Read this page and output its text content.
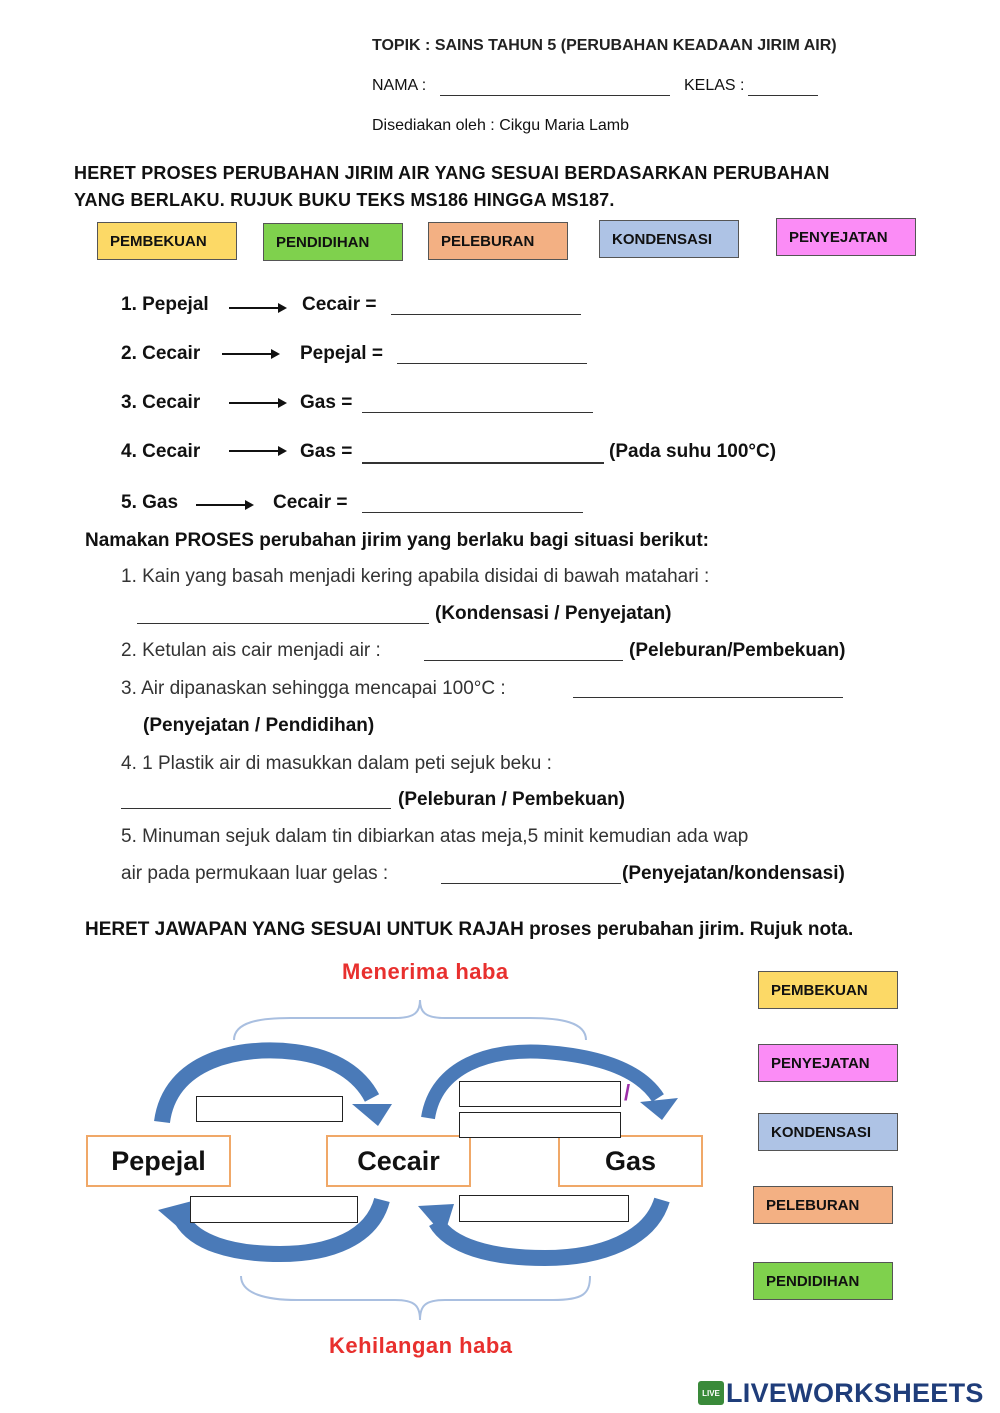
TOPIK : SAINS TAHUN 5 (PERUBAHAN KEADAAN JIRIM AIR)
NAMA :	KELAS :
Disediakan oleh : Cikgu Maria Lamb
HERET PROSES PERUBAHAN JIRIM AIR YANG SESUAI BERDASARKAN PERUBAHAN
YANG BERLAKU. RUJUK BUKU TEKS MS186 HINGGA MS187.
PEMBEKUAN	PENDIDIHAN	PELEBURAN	KONDENSASI	PENYEJATAN
1. Pepejal	Cecair =
2. Cecair	Pepejal =
3. Cecair	Gas =
4. Cecair	Gas =	(Pada suhu 100°C)
5. Gas	Cecair =
Namakan PROSES perubahan jirim yang berlaku bagi situasi berikut:
1. Kain yang basah menjadi kering apabila disidai di bawah matahari :
(Kondensasi / Penyejatan)
2. Ketulan ais cair menjadi air :	(Peleburan/Pembekuan)
3. Air dipanaskan sehingga mencapai 100°C :
(Penyejatan / Pendidihan)
4. 1 Plastik air di masukkan dalam peti sejuk beku :
(Peleburan / Pembekuan)
5. Minuman sejuk dalam tin dibiarkan atas meja,5 minit kemudian ada wap
air pada permukaan luar gelas :	(Penyejatan/kondensasi)
HERET JAWAPAN YANG SESUAI UNTUK RAJAH proses perubahan jirim. Rujuk nota.
Menerima haba
Kehilangan haba
/
Pepejal	Cecair	Gas
PEMBEKUAN
PENYEJATAN
KONDENSASI
PELEBURAN
PENDIDIHAN
LIVE LIVEWORKSHEETS
